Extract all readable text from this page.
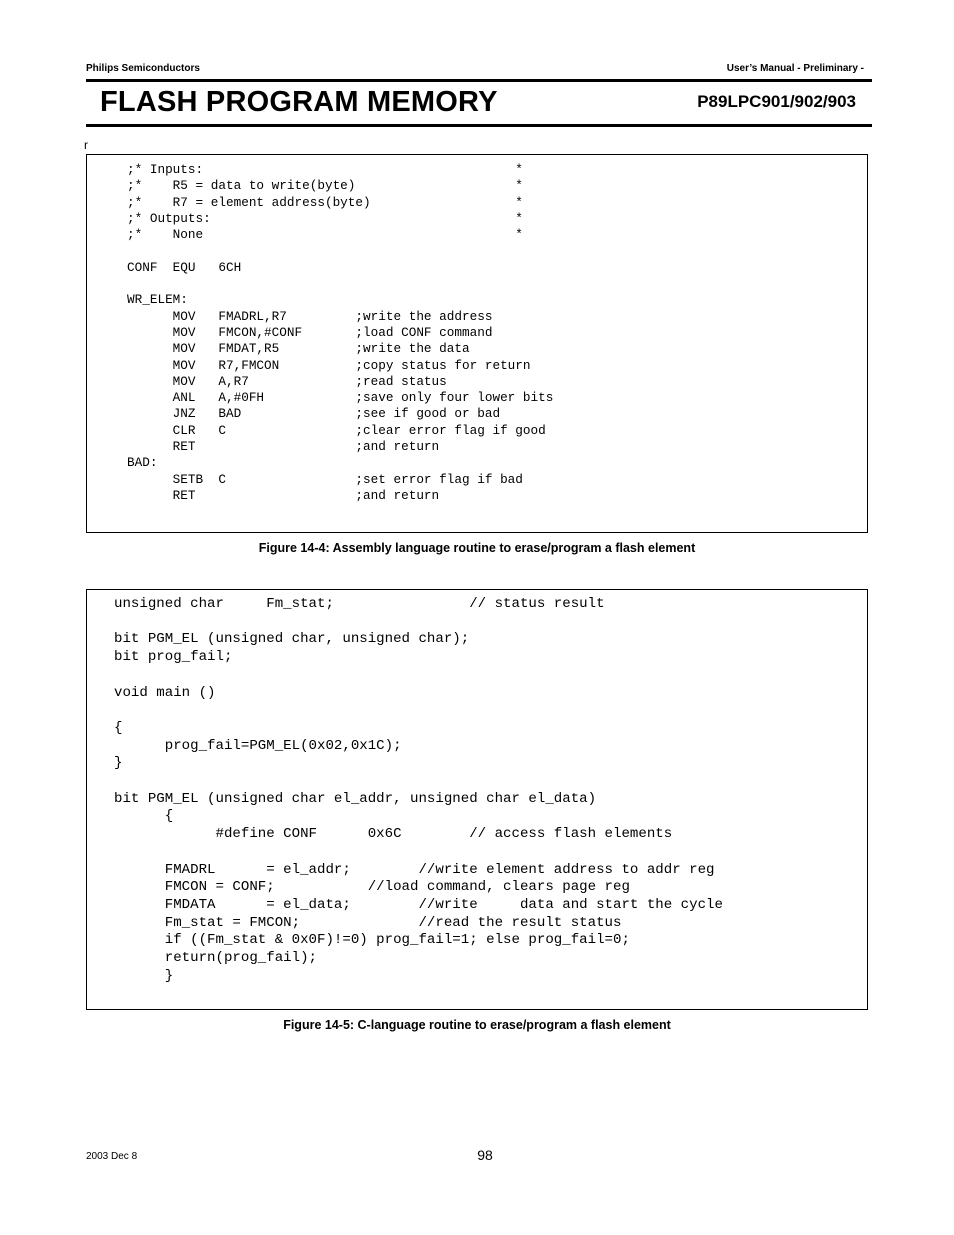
Philips Semiconductors	User’s Manual - Preliminary -
FLASH PROGRAM MEMORY	P89LPC901/902/903
r
;* Inputs:                                         *
;*    R5 = data to write(byte)                     *
;*    R7 = element address(byte)                   *
;* Outputs:                                        *
;*    None                                         *

CONF  EQU   6CH

WR_ELEM:
MOV   FMADRL,R7         ;write the address
MOV   FMCON,#CONF       ;load CONF command
MOV   FMDAT,R5          ;write the data
MOV   R7,FMCON          ;copy status for return
MOV   A,R7              ;read status
ANL   A,#0FH            ;save only four lower bits
JNZ   BAD               ;see if good or bad
CLR   C                 ;clear error flag if good
RET                     ;and return
BAD:
SETB  C                 ;set error flag if bad
RET                     ;and return
Figure 14-4: Assembly language routine to erase/program a flash element
unsigned char     Fm_stat;                // status result

bit PGM_EL (unsigned char, unsigned char);
bit prog_fail;

void main ()

{
prog_fail=PGM_EL(0x02,0x1C);
}

bit PGM_EL (unsigned char el_addr, unsigned char el_data)
{
#define CONF      0x6C        // access flash elements

FMADRL      = el_addr;        //write element address to addr reg
FMCON = CONF;           //load command, clears page reg
FMDATA      = el_data;        //write     data and start the cycle
Fm_stat = FMCON;              //read the result status
if ((Fm_stat & 0x0F)!=0) prog_fail=1; else prog_fail=0;
return(prog_fail);
}
Figure 14-5: C-language routine to erase/program a flash element
2003 Dec 8	98
